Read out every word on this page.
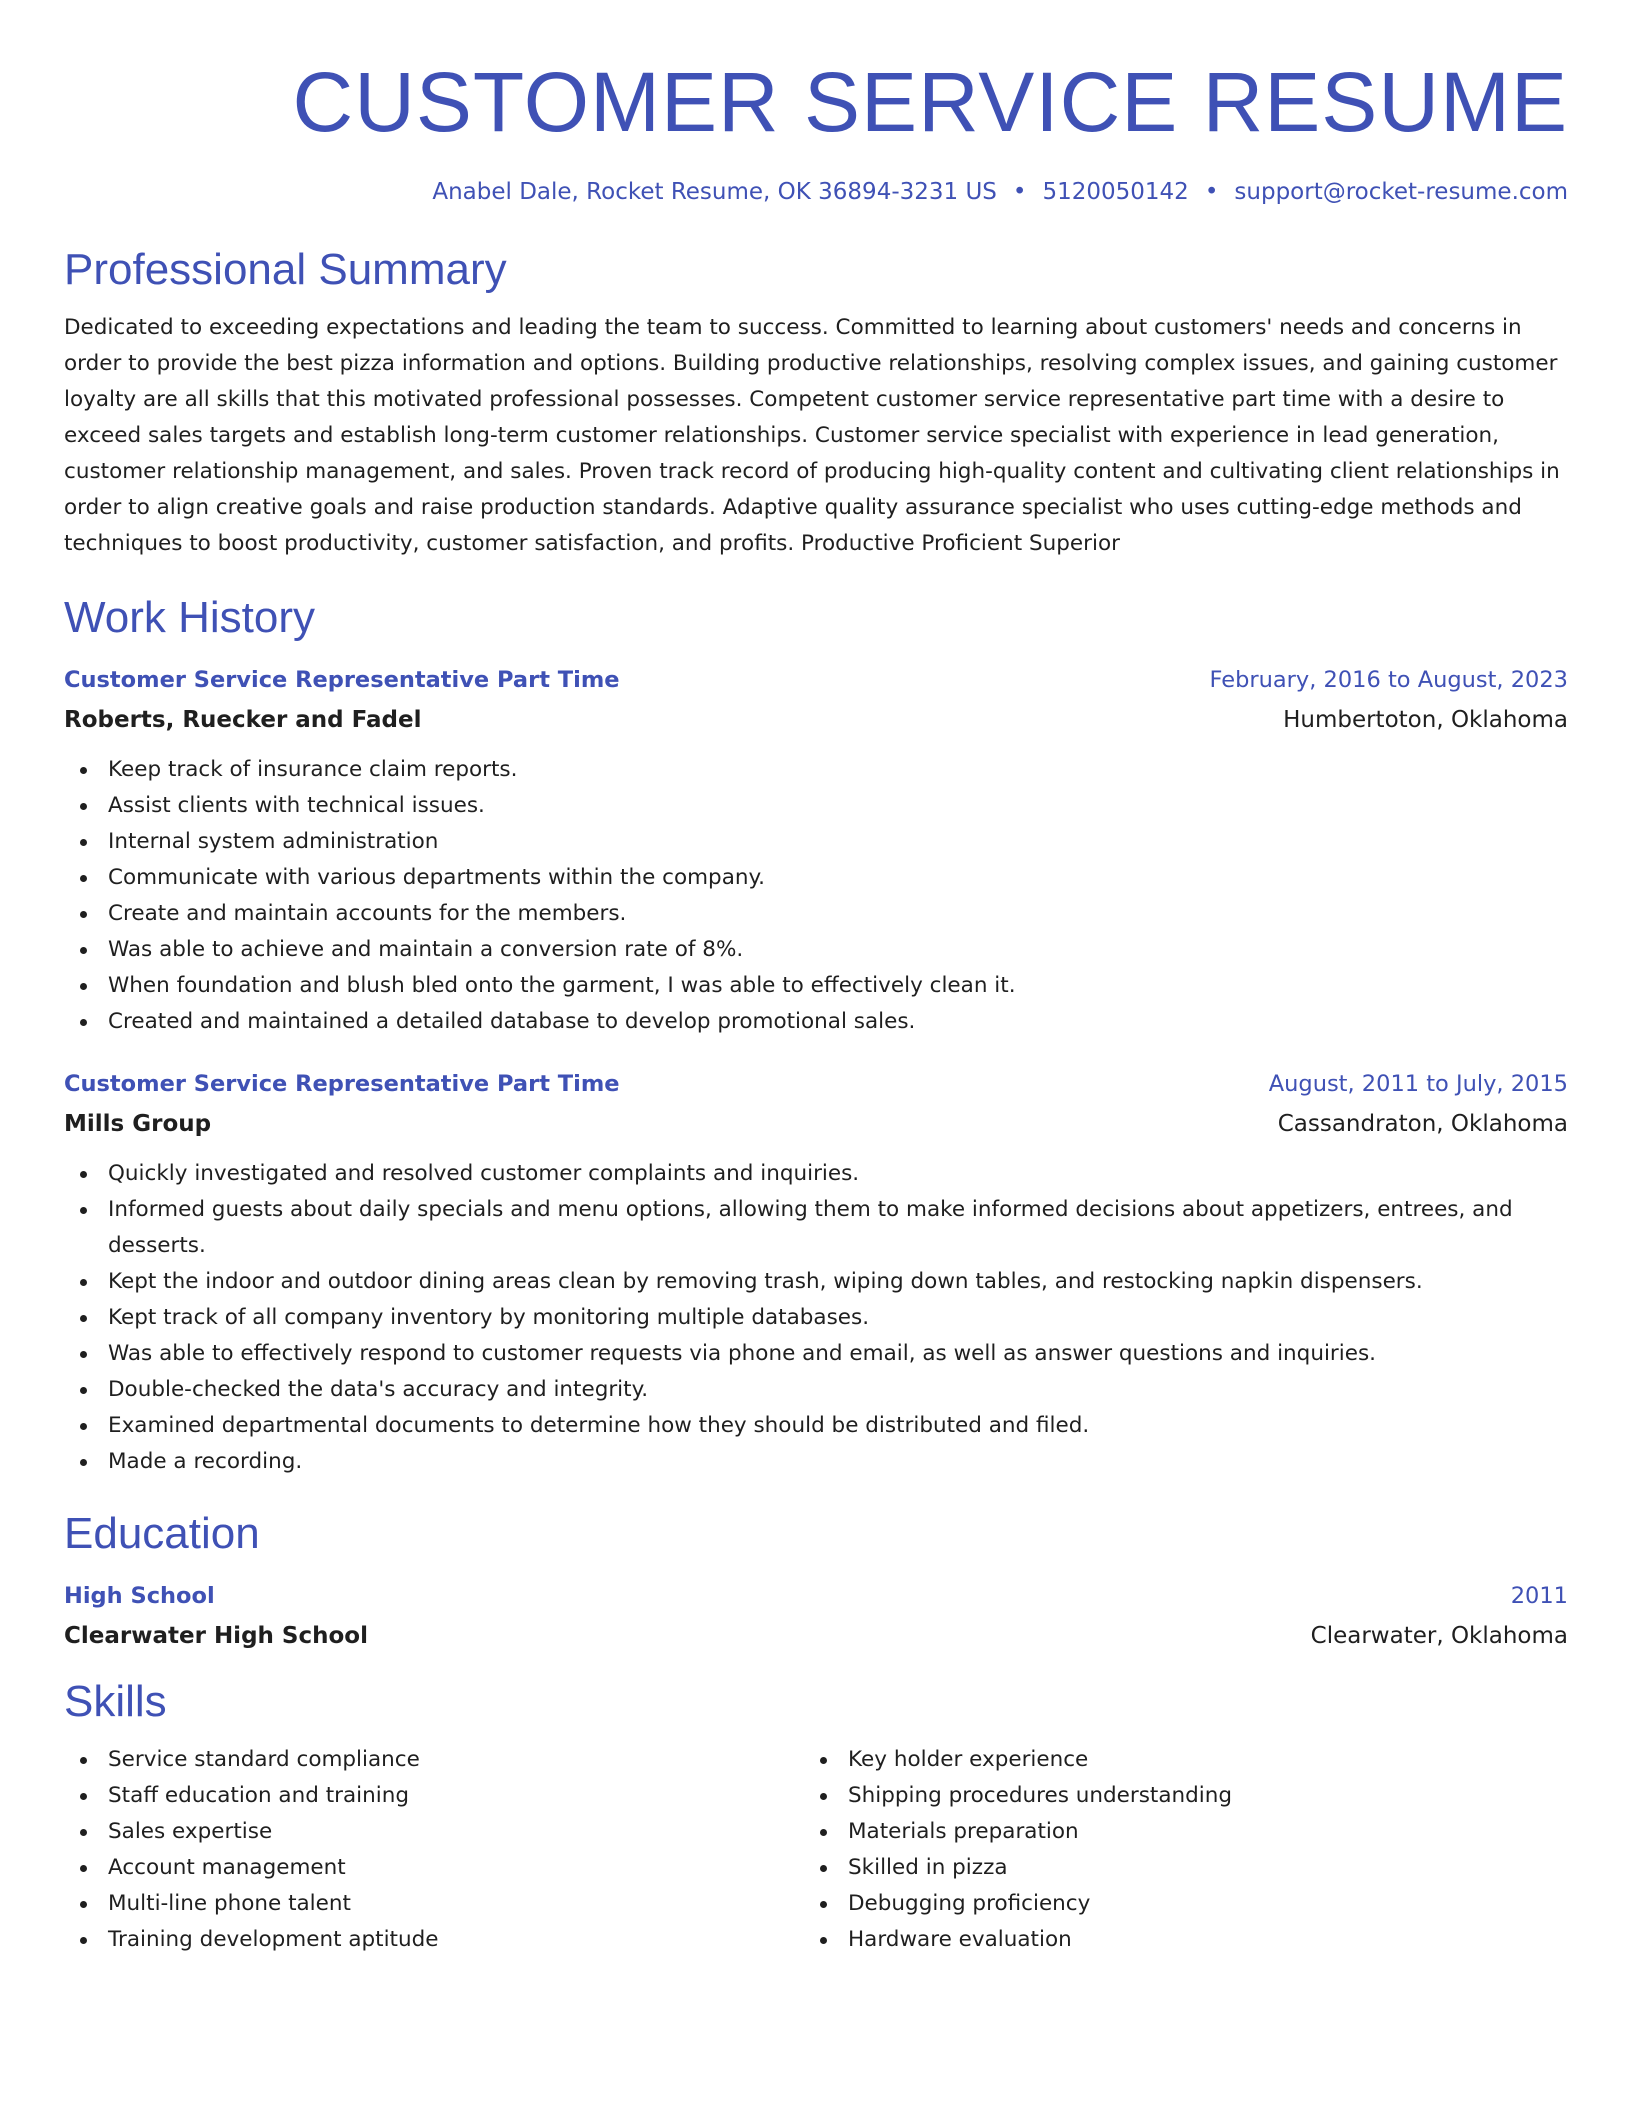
CUSTOMER SERVICE RESUME
Anabel Dale, Rocket Resume, OK 36894-3231 US • 5120050142 • support@rocket-resume.com
Professional Summary

Dedicated to exceeding expectations and leading the team to success. Committed to learning about customers' needs and concerns in order to provide the best pizza information and options. Building productive relationships, resolving complex issues, and gaining customer loyalty are all skills that this motivated professional possesses. Competent customer service representative part time with a desire to exceed sales targets and establish long-term customer relationships. Customer service specialist with experience in lead generation, customer relationship management, and sales. Proven track record of producing high-quality content and cultivating client relationships in order to align creative goals and raise production standards. Adaptive quality assurance specialist who uses cutting-edge methods and techniques to boost productivity, customer satisfaction, and profits. Productive Proficient Superior

Work History
Customer Service Representative Part Time	February, 2016 to August, 2023
Roberts, Ruecker and Fadel	Humbertoton, Oklahoma
Keep track of insurance claim reports.
Assist clients with technical issues.
Internal system administration
Communicate with various departments within the company.
Create and maintain accounts for the members.
Was able to achieve and maintain a conversion rate of 8%.
When foundation and blush bled onto the garment, I was able to effectively clean it.
Created and maintained a detailed database to develop promotional sales.
Customer Service Representative Part Time	August, 2011 to July, 2015
Mills Group	Cassandraton, Oklahoma
Quickly investigated and resolved customer complaints and inquiries.
Informed guests about daily specials and menu options, allowing them to make informed decisions about appetizers, entrees, and desserts.
Kept the indoor and outdoor dining areas clean by removing trash, wiping down tables, and restocking napkin dispensers.
Kept track of all company inventory by monitoring multiple databases.
Was able to effectively respond to customer requests via phone and email, as well as answer questions and inquiries.
Double-checked the data's accuracy and integrity.
Examined departmental documents to determine how they should be distributed and filed.
Made a recording.
Education
High School	2011
Clearwater High School	Clearwater, Oklahoma
Skills
Service standard compliance
Staff education and training
Sales expertise
Account management
Multi-line phone talent
Training development aptitude
Key holder experience
Shipping procedures understanding
Materials preparation
Skilled in pizza
Debugging proficiency
Hardware evaluation
